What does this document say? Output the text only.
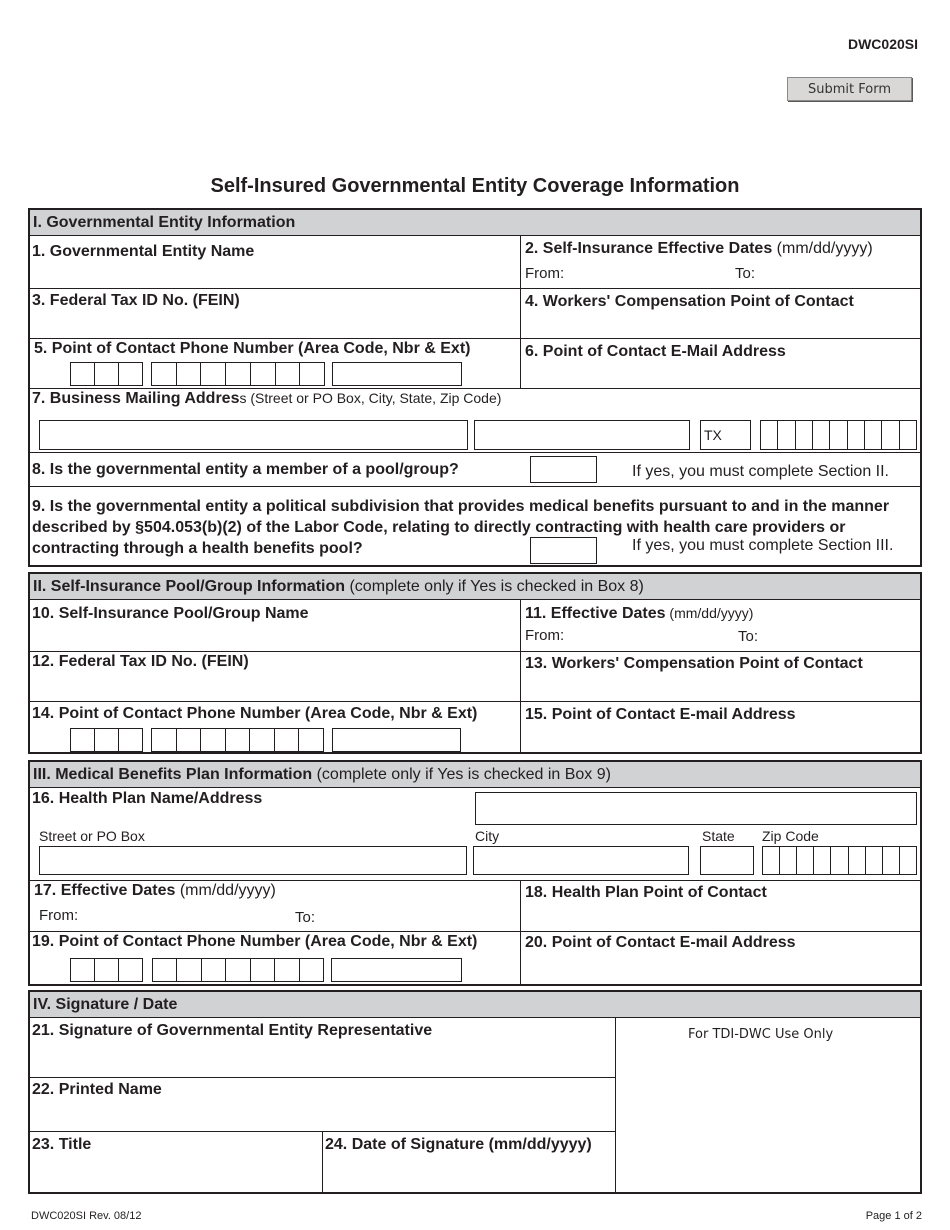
DWC020SI
Submit Form
Self-Insured Governmental Entity Coverage Information
I. Governmental Entity Information
1. Governmental Entity Name	2. Self-Insurance Effective Dates (mm/dd/yyyy)
From:	To:
3. Federal Tax ID No. (FEIN)	4. Workers' Compensation Point of Contact
5. Point of Contact Phone Number (Area Code, Nbr & Ext)	6. Point of Contact E-Mail Address
7. Business Mailing Address (Street or PO Box, City, State, Zip Code)
TX
8. Is the governmental entity a member of a pool/group?	If yes, you must complete Section II.
9. Is the governmental entity a political subdivision that provides medical benefits pursuant to and in the manner described by §504.053(b)(2) of the Labor Code, relating to directly contracting with health care providers or contracting through a health benefits pool?	If yes, you must complete Section III.
II. Self-Insurance Pool/Group Information (complete only if Yes is checked in Box 8)
10. Self-Insurance Pool/Group Name	11. Effective Dates (mm/dd/yyyy)
From:	To:
12. Federal Tax ID No. (FEIN)	13. Workers' Compensation Point of Contact
14. Point of Contact Phone Number (Area Code, Nbr & Ext)	15. Point of Contact E-mail Address
III. Medical Benefits Plan Information (complete only if Yes is checked in Box 9)
16. Health Plan Name/Address
Street or PO Box	City	State Zip Code
17. Effective Dates (mm/dd/yyyy)
From:	To:
18. Health Plan Point of Contact
19. Point of Contact Phone Number (Area Code, Nbr & Ext)	20. Point of Contact E-mail Address
IV. Signature / Date
21. Signature of Governmental Entity Representative
22. Printed Name
23. Title	24. Date of Signature (mm/dd/yyyy)
For TDI-DWC Use Only
DWC020SI Rev. 08/12	Page 1 of 2
